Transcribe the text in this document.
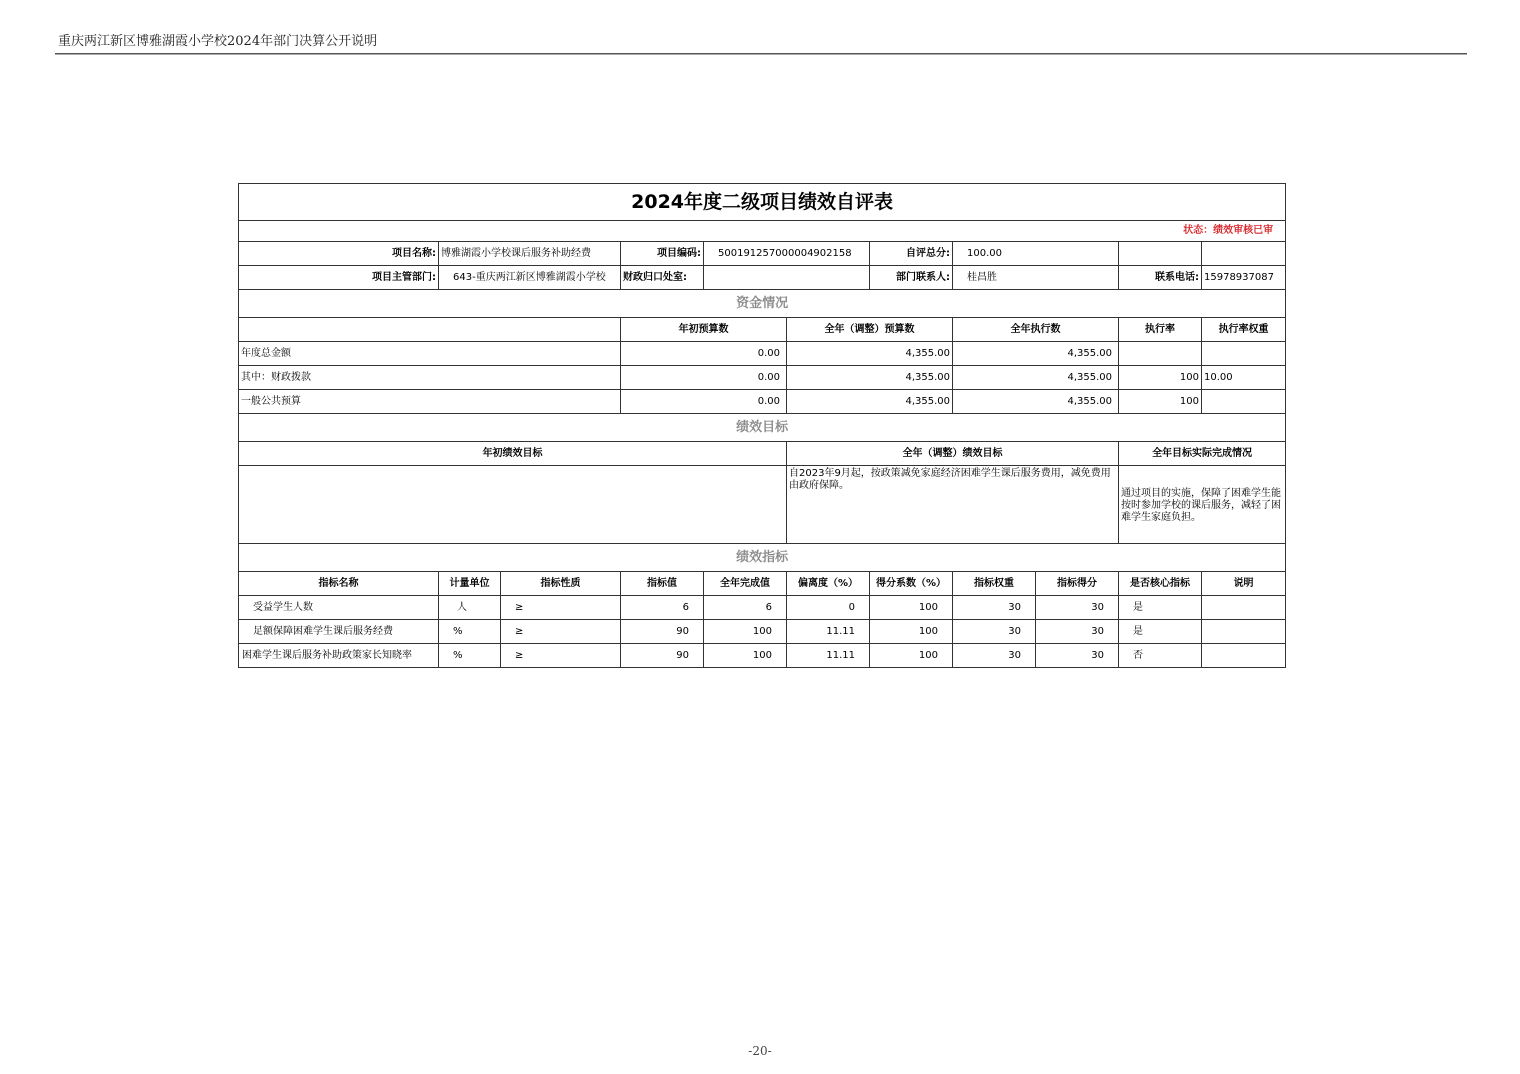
重庆两江新区博雅湖霞小学校2024年部门决算公开说明
2024年度二级项目绩效自评表											
状态：绩效审核已审											
项目名称:	博雅湖霞小学校课后服务补助经费		项目编码:	500191257000004902158		自评总分:	100.00				
项目主管部门:	643-重庆两江新区博雅湖霞小学校		财政归口处室:			部门联系人:	桂昌胜		联系电话:	15978937087	
资金情况											
			年初预算数		全年（调整）预算数		全年执行数		执行率	执行率权重	
年度总金额			0.00		4,355.00		4,355.00				
其中：财政拨款			0.00		4,355.00		4,355.00		100	10.00	
一般公共预算			0.00		4,355.00		4,355.00		100		
绩效目标											
年初绩效目标					全年（调整）绩效目标				全年目标实际完成情况		
					自2023年9月起，按政策减免家庭经济困难学生课后服务费用，减免费用由政府保障。				通过项目的实施，保障了困难学生能按时参加学校的课后服务，减轻了困难学生家庭负担。		
绩效指标											
指标名称	计量单位	指标性质	指标值	全年完成值	偏离度（%）	得分系数（%）	指标权重	指标得分	是否核心指标	说明	
受益学生人数	人	≥	6	6	0	100	30	30	是		
足额保障困难学生课后服务经费	%	≥	90	100	11.11	100	30	30	是		
困难学生课后服务补助政策家长知晓率	%	≥	90	100	11.11	100	30	30	否		
-20-
